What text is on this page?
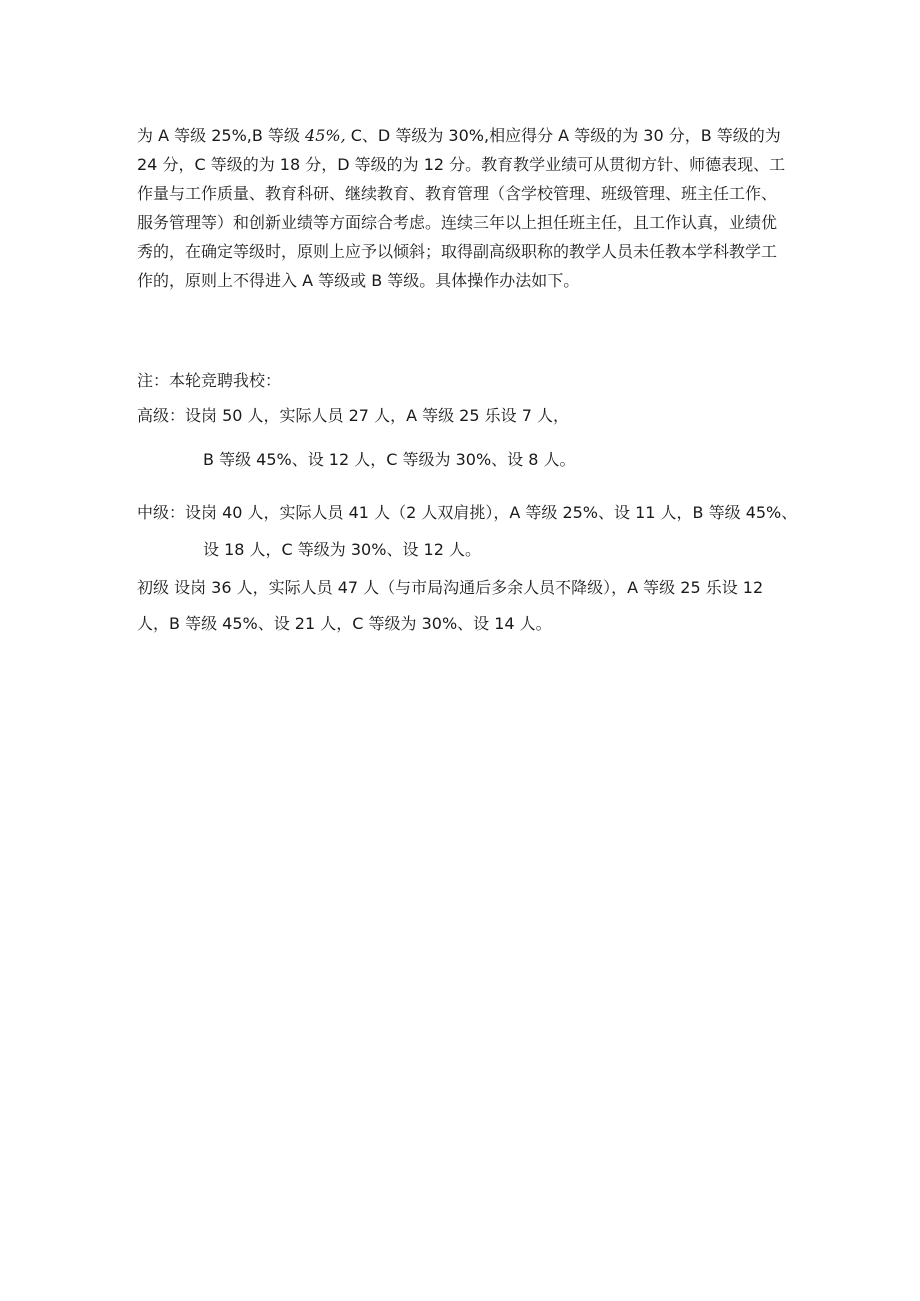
为 A 等级 25%,B 等级 45%, C、D 等级为 30%,相应得分 A 等级的为 30 分，B 等级的为 24 分，C 等级的为 18 分，D 等级的为 12 分。教育教学业绩可从贯彻方针、师德表现、工作量与工作质量、教育科研、继续教育、教育管理（含学校管理、班级管理、班主任工作、服务管理等）和创新业绩等方面综合考虑。连续三年以上担任班主任，且工作认真，业绩优秀的，在确定等级时，原则上应予以倾斜；取得副高级职称的教学人员未任教本学科教学工作的，原则上不得进入 A 等级或 B 等级。具体操作办法如下。

注：本轮竞聘我校：

高级：设岗 50 人，实际人员 27 人，A 等级 25 乐设 7 人，

B 等级 45%、设 12 人，C 等级为 30%、设 8 人。

中级：设岗 40 人，实际人员 41 人（2 人双肩挑），A 等级 25%、设 11 人，B 等级 45%、

设 18 人，C 等级为 30%、设 12 人。

初级 设岗 36 人，实际人员 47 人（与市局沟通后多余人员不降级），A 等级 25 乐设 12

人，B 等级 45%、设 21 人，C 等级为 30%、设 14 人。
